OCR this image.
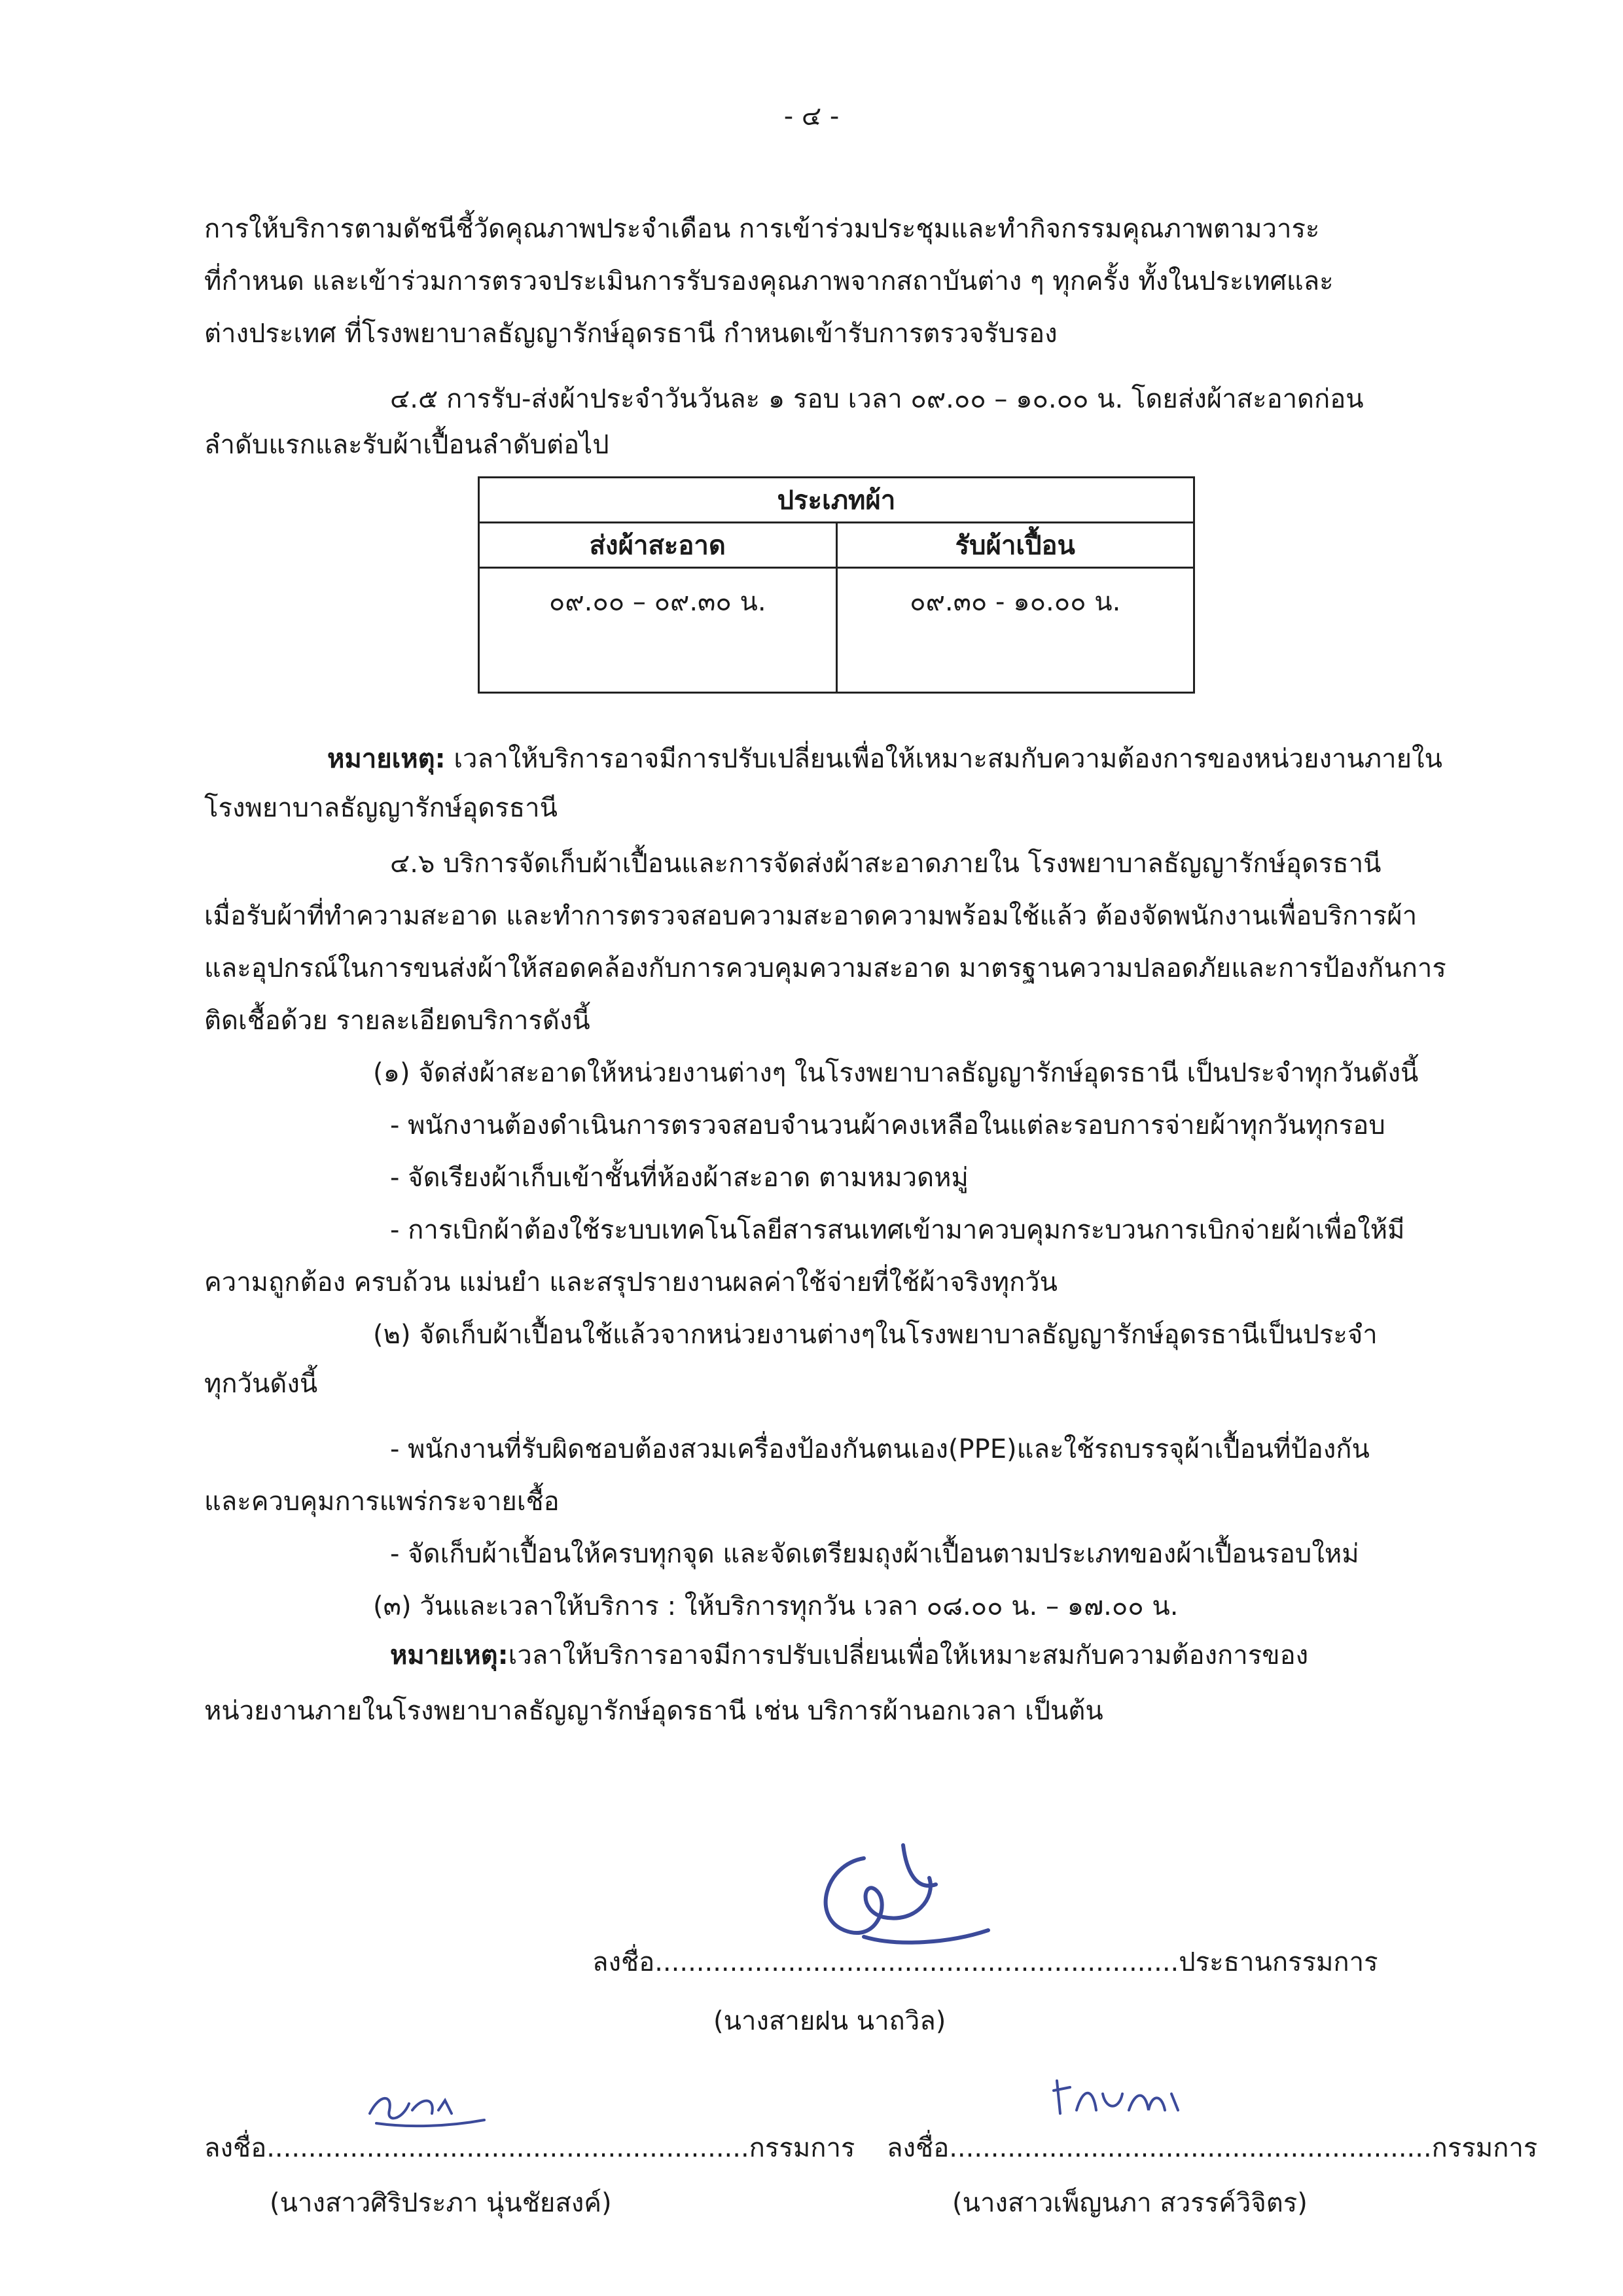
- ๔ -
การให้บริการตามดัชนีชี้วัดคุณภาพประจำเดือน การเข้าร่วมประชุมและทำกิจกรรมคุณภาพตามวาระ
ที่กำหนด และเข้าร่วมการตรวจประเมินการรับรองคุณภาพจากสถาบันต่าง ๆ ทุกครั้ง ทั้งในประเทศและ
ต่างประเทศ ที่โรงพยาบาลธัญญารักษ์อุดรธานี กำหนดเข้ารับการตรวจรับรอง
๔.๕ การรับ-ส่งผ้าประจำวันวันละ ๑ รอบ เวลา ๐๙.๐๐ – ๑๐.๐๐ น. โดยส่งผ้าสะอาดก่อน
ลำดับแรกและรับผ้าเปื้อนลำดับต่อไป
ประเภทผ้า	
ส่งผ้าสะอาด	รับผ้าเปื้อน
๐๙.๐๐ – ๐๙.๓๐ น.	๐๙.๓๐ - ๑๐.๐๐ น.
หมายเหตุ: เวลาให้บริการอาจมีการปรับเปลี่ยนเพื่อให้เหมาะสมกับความต้องการของหน่วยงานภายใน
โรงพยาบาลธัญญารักษ์อุดรธานี
๔.๖ บริการจัดเก็บผ้าเปื้อนและการจัดส่งผ้าสะอาดภายใน โรงพยาบาลธัญญารักษ์อุดรธานี
เมื่อรับผ้าที่ทำความสะอาด และทำการตรวจสอบความสะอาดความพร้อมใช้แล้ว ต้องจัดพนักงานเพื่อบริการผ้า
และอุปกรณ์ในการขนส่งผ้าให้สอดคล้องกับการควบคุมความสะอาด มาตรฐานความปลอดภัยและการป้องกันการ
ติดเชื้อด้วย รายละเอียดบริการดังนี้
(๑) จัดส่งผ้าสะอาดให้หน่วยงานต่างๆ ในโรงพยาบาลธัญญารักษ์อุดรธานี เป็นประจำทุกวันดังนี้
- พนักงานต้องดำเนินการตรวจสอบจำนวนผ้าคงเหลือในแต่ละรอบการจ่ายผ้าทุกวันทุกรอบ
- จัดเรียงผ้าเก็บเข้าชั้นที่ห้องผ้าสะอาด ตามหมวดหมู่
- การเบิกผ้าต้องใช้ระบบเทคโนโลยีสารสนเทศเข้ามาควบคุมกระบวนการเบิกจ่ายผ้าเพื่อให้มี
ความถูกต้อง ครบถ้วน แม่นยำ และสรุปรายงานผลค่าใช้จ่ายที่ใช้ผ้าจริงทุกวัน
(๒) จัดเก็บผ้าเปื้อนใช้แล้วจากหน่วยงานต่างๆในโรงพยาบาลธัญญารักษ์อุดรธานีเป็นประจำ
ทุกวันดังนี้
- พนักงานที่รับผิดชอบต้องสวมเครื่องป้องกันตนเอง(PPE)และใช้รถบรรจุผ้าเปื้อนที่ป้องกัน
และควบคุมการแพร่กระจายเชื้อ
- จัดเก็บผ้าเปื้อนให้ครบทุกจุด และจัดเตรียมถุงผ้าเปื้อนตามประเภทของผ้าเปื้อนรอบใหม่
(๓) วันและเวลาให้บริการ : ให้บริการทุกวัน เวลา ๐๘.๐๐ น. – ๑๗.๐๐ น.
หมายเหตุ:เวลาให้บริการอาจมีการปรับเปลี่ยนเพื่อให้เหมาะสมกับความต้องการของ
หน่วยงานภายในโรงพยาบาลธัญญารักษ์อุดรธานี เช่น บริการผ้านอกเวลา เป็นต้น
ลงชื่อ...............................................................ประธานกรรมการ
(นางสายฝน นาถวิล)
ลงชื่อ..........................................................กรรมการ
(นางสาวศิริประภา นุ่นชัยสงค์)
ลงชื่อ..........................................................กรรมการ
(นางสาวเพ็ญนภา สวรรค์วิจิตร)
